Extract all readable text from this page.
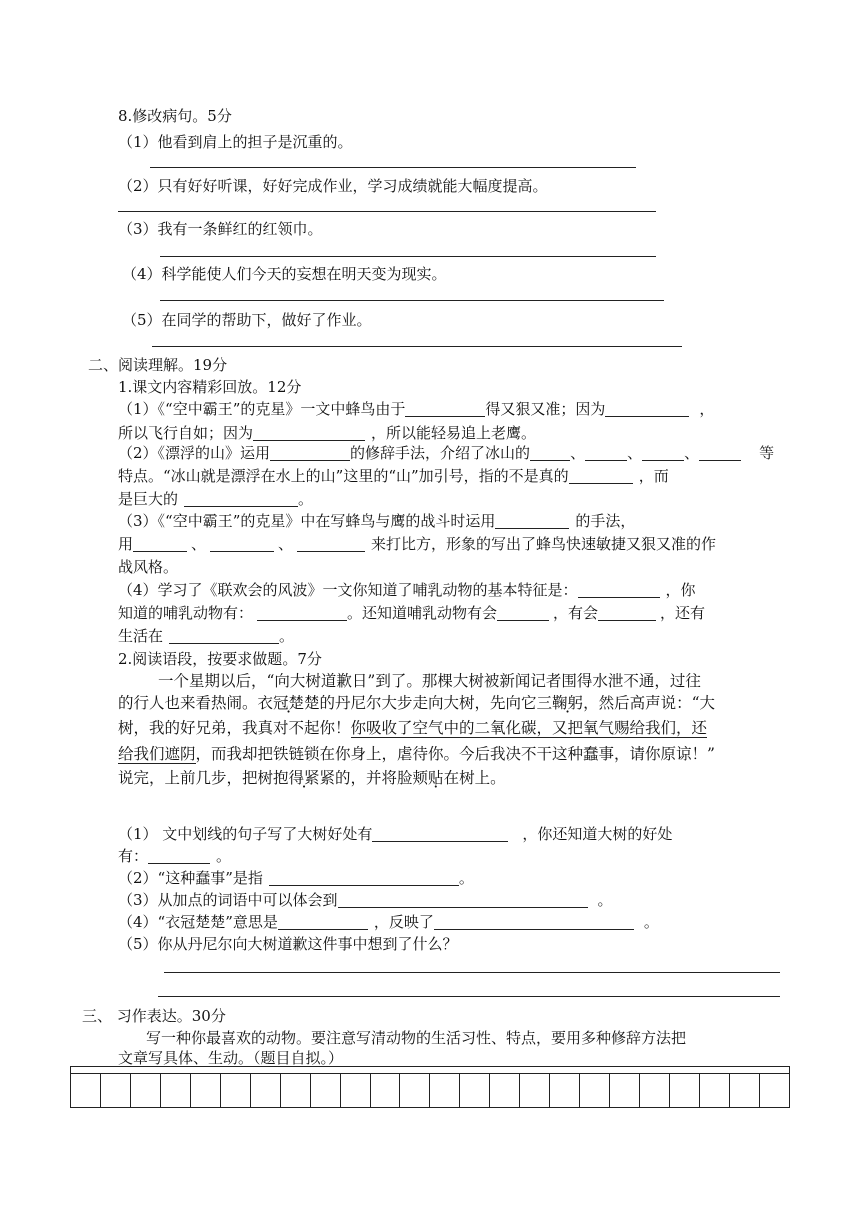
8.修改病句。5分
（1）他看到肩上的担子是沉重的。
（2）只有好好听课，好好完成作业，学习成绩就能大幅度提高。
（3）我有一条鲜红的红领巾。
（4）科学能使人们今天的妄想在明天变为现实。
（5）在同学的帮助下，做好了作业。
二、阅读理解。19分
1.课文内容精彩回放。12分
（1）《“空中霸王”的克星》一文中蜂鸟由于	得又狠又准；因为	，
所以飞行自如；因为	，所以能轻易追上老鹰。
（2）《漂浮的山》运用	的修辞手法，介绍了冰山的	、	、	、	等
特点。“冰山就是漂浮在水上的山”这里的“山”加引号，指的不是真的	，而
是巨大的	。
（3）《“空中霸王”的克星》中在写蜂鸟与鹰的战斗时运用	的手法，
用	、	、	来打比方，形象的写出了蜂鸟快速敏捷又狠又准的作
战风格。
（4）学习了《联欢会的风波》一文你知道了哺乳动物的基本特征是：	，你
知道的哺乳动物有：	。还知道哺乳动物有会	，有会	，还有
生活在	。
2.阅读语段，按要求做题。7分
一个星期以后，“向大树道歉日”到了。那棵大树被新闻记者围得水泄不通，过往
的行人也来看热闹。衣冠楚楚的丹尼尔大步走向大树，先向它三鞠躬，然后高声说：“大
树，我的好兄弟，我真对不起你！你吸收了空气中的二氧化碳，又把氧气赐给我们，还
给我们遮阴，而我却把铁链锁在你身上，虐待你。今后我决不干这种蠢事，请你原谅！”
说完，上前几步，把树抱得紧紧的，并将脸颊贴在树上。
（1） 文中划线的句子写了大树好处有	，你还知道大树的好处
有：	。
（2）“这种蠢事”是指	。
（3）从加点的词语中可以体会到	。
（4）“衣冠楚楚”意思是	，反映了	。
（5）你从丹尼尔向大树道歉这件事中想到了什么？
三、 习作表达。30分
写一种你最喜欢的动物。要注意写清动物的生活习性、特点，要用多种修辞方法把
文章写具体、生动。（题目自拟。）
